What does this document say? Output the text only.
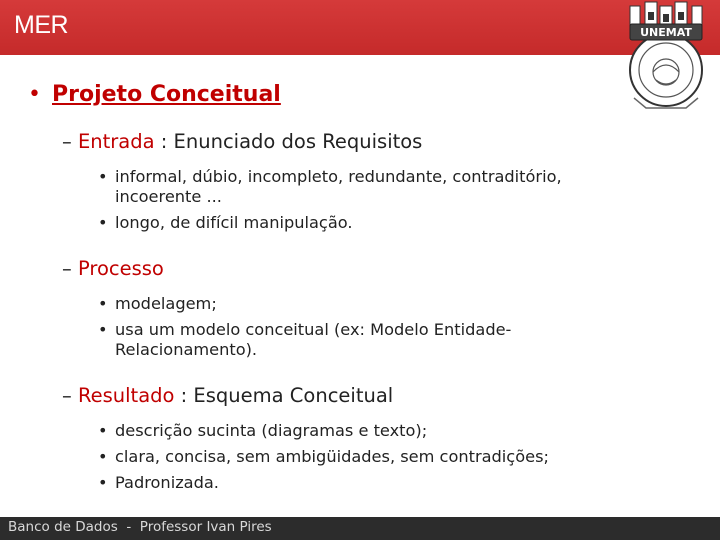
MER	UNEMAT
• Projeto Conceitual
– Entrada : Enunciado dos Requisitos
• informal, dúbio, incompleto, redundante, contraditório,
incoerente ...
• longo, de difícil manipulação.
– Processo
• modelagem;
• usa um modelo conceitual (ex: Modelo Entidade-
Relacionamento).
– Resultado : Esquema Conceitual
• descrição sucinta (diagramas e texto);
• clara, concisa, sem ambigüidades, sem contradições;
• Padronizada.
Banco de Dados  -  Professor Ivan Pires
